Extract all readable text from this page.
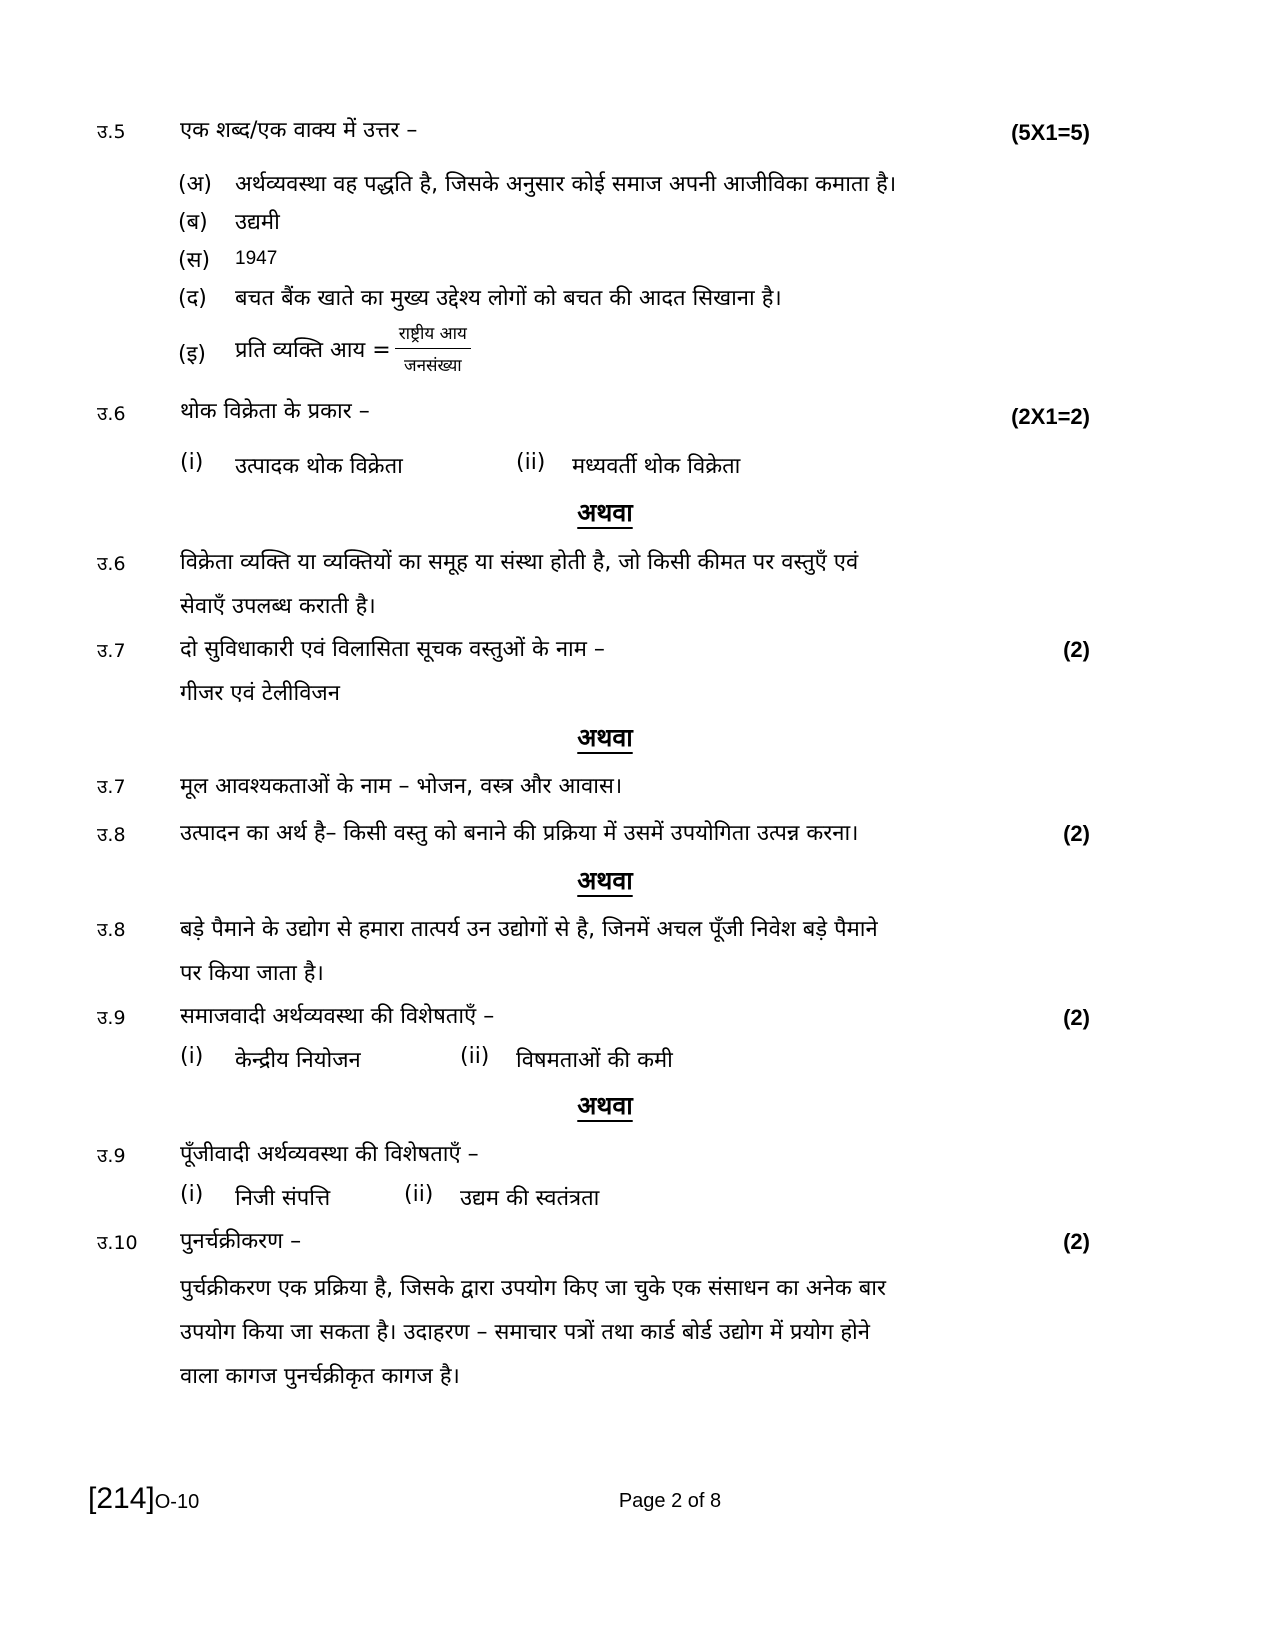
उ.5 एक शब्द/एक वाक्य में उत्तर –	(5X1=5)
(अ) अर्थव्यवस्था वह पद्धति है, जिसके अनुसार कोई समाज अपनी आजीविका कमाता है।
(ब) उद्यमी
(स) 1947
(द) बचत बैंक खाते का मुख्य उद्देश्य लोगों को बचत की आदत सिखाना है।
(इ) प्रति व्यक्ति आय = $\frac{\text{राष्ट्रीय आय}}{\text{जनसंख्या}}$
उ.6 थोक विक्रेता के प्रकार –	(2X1=2)
(i) उत्पादक थोक विक्रेता	(ii) मध्यवर्ती थोक विक्रेता
अथवा
उ.6 विक्रेता व्यक्ति या व्यक्तियों का समूह या संस्था होती है, जो किसी कीमत पर वस्तुएँ एवं
सेवाएँ उपलब्ध कराती है।
उ.7 दो सुविधाकारी एवं विलासिता सूचक वस्तुओं के नाम –	(2)
गीजर एवं टेलीविजन
अथवा
उ.7 मूल आवश्यकताओं के नाम – भोजन, वस्त्र और आवास।
उ.8 उत्पादन का अर्थ है– किसी वस्तु को बनाने की प्रक्रिया में उसमें उपयोगिता उत्पन्न करना।	(2)
अथवा
उ.8 बड़े पैमाने के उद्योग से हमारा तात्पर्य उन उद्योगों से है, जिनमें अचल पूँजी निवेश बड़े पैमाने
पर किया जाता है।
उ.9 समाजवादी अर्थव्यवस्था की विशेषताएँ –	(2)
(i) केन्द्रीय नियोजन	(ii) विषमताओं की कमी
अथवा
उ.9 पूँजीवादी अर्थव्यवस्था की विशेषताएँ –
(i) निजी संपत्ति	(ii) उद्यम की स्वतंत्रता
उ.10 पुनर्चक्रीकरण –	(2)
पुर्चक्रीकरण एक प्रक्रिया है, जिसके द्वारा उपयोग किए जा चुके एक संसाधन का अनेक बार
उपयोग किया जा सकता है। उदाहरण – समाचार पत्रों तथा कार्ड बोर्ड उद्योग में प्रयोग होने
वाला कागज पुनर्चक्रीकृत कागज है।
[214]O-10	Page 2 of 8
